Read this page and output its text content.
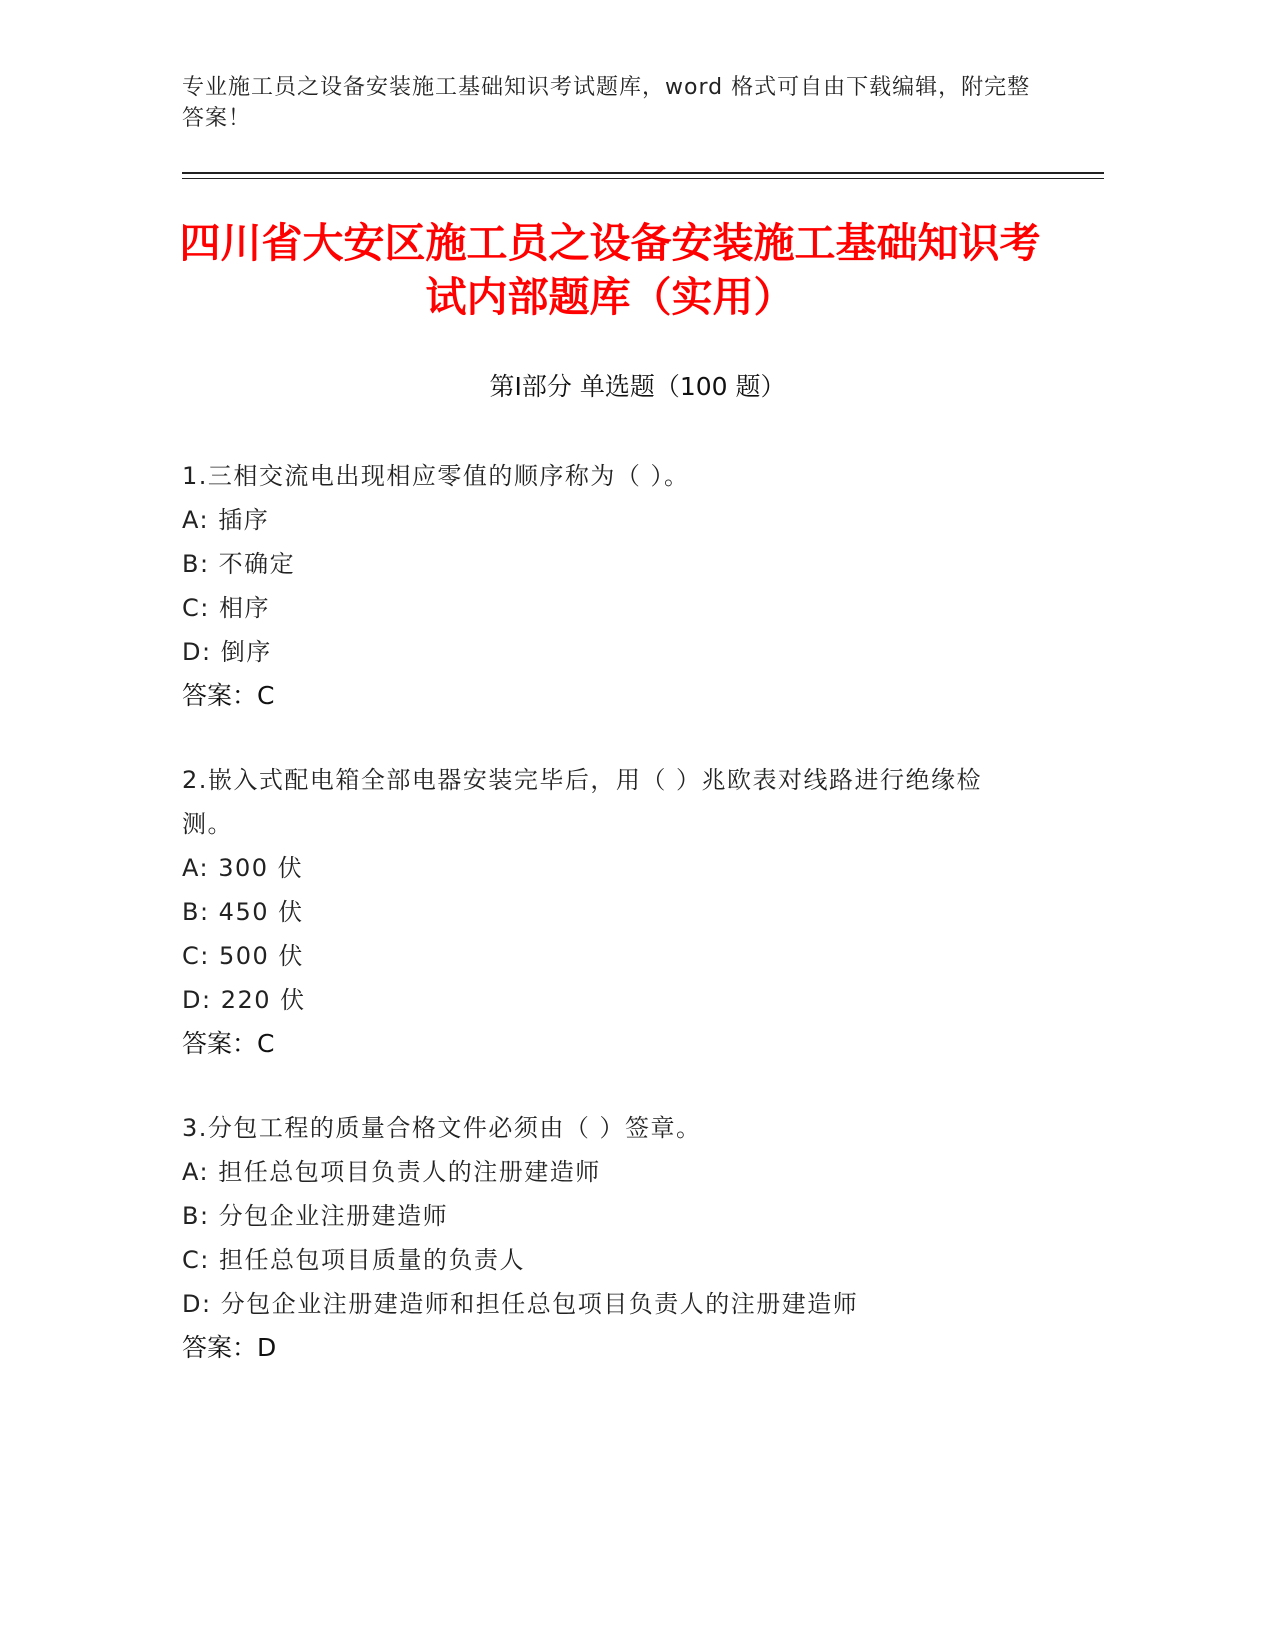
专业施工员之设备安装施工基础知识考试题库，word 格式可自由下载编辑，附完整答案！
四川省大安区施工员之设备安装施工基础知识考试内部题库（实用）
第Ⅰ部分 单选题（100 题）

1.三相交流电出现相应零值的顺序称为（ ）。

A: 插序

B: 不确定

C: 相序

D: 倒序

答案：C

2.嵌入式配电箱全部电器安装完毕后，用（ ）兆欧表对线路进行绝缘检测。

A: 300 伏

B: 450 伏

C: 500 伏

D: 220 伏

答案：C

3.分包工程的质量合格文件必须由（ ）签章。

A: 担任总包项目负责人的注册建造师

B: 分包企业注册建造师

C: 担任总包项目质量的负责人

D: 分包企业注册建造师和担任总包项目负责人的注册建造师

答案：D
